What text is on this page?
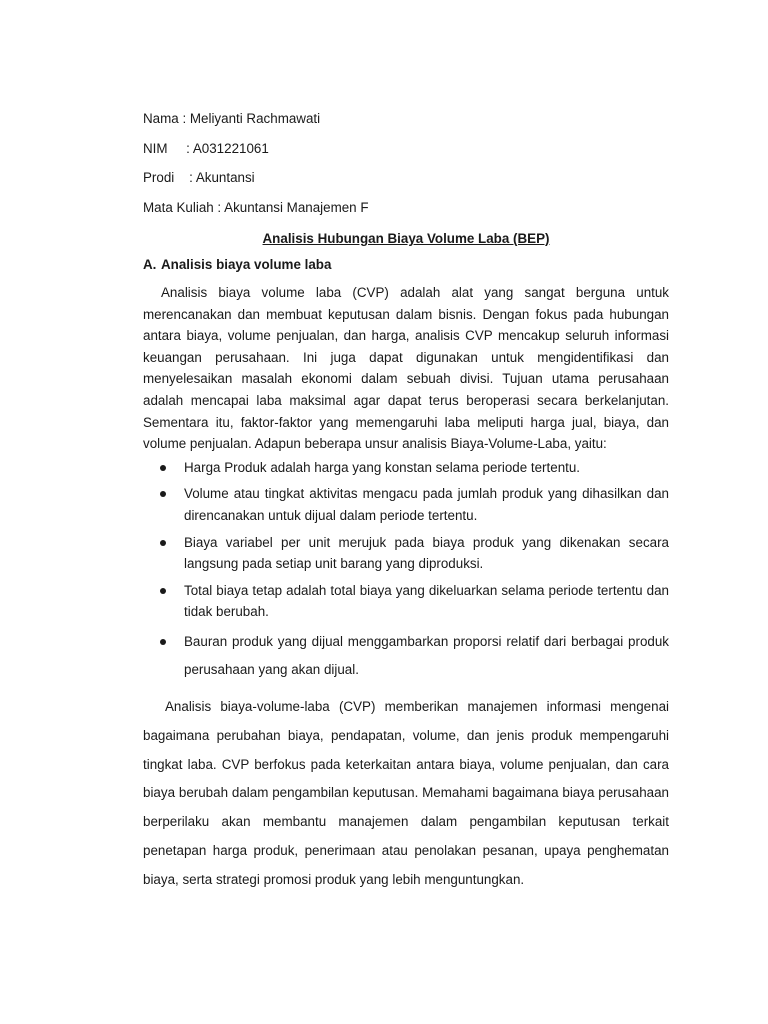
Nama : Meliyanti Rachmawati
NIM     : A031221061
Prodi    : Akuntansi
Mata Kuliah : Akuntansi Manajemen F
Analisis Hubungan Biaya Volume Laba (BEP)
A. Analisis biaya volume laba

Analisis biaya volume laba (CVP) adalah alat yang sangat berguna untuk merencanakan dan membuat keputusan dalam bisnis. Dengan fokus pada hubungan antara biaya, volume penjualan, dan harga, analisis CVP mencakup seluruh informasi keuangan perusahaan. Ini juga dapat digunakan untuk mengidentifikasi dan menyelesaikan masalah ekonomi dalam sebuah divisi. Tujuan utama perusahaan adalah mencapai laba maksimal agar dapat terus beroperasi secara berkelanjutan. Sementara itu, faktor-faktor yang memengaruhi laba meliputi harga jual, biaya, dan volume penjualan. Adapun beberapa unsur analisis Biaya-Volume-Laba, yaitu:

Harga Produk adalah harga yang konstan selama periode tertentu.
Volume atau tingkat aktivitas mengacu pada jumlah produk yang dihasilkan dan direncanakan untuk dijual dalam periode tertentu.
Biaya variabel per unit merujuk pada biaya produk yang dikenakan secara langsung pada setiap unit barang yang diproduksi.
Total biaya tetap adalah total biaya yang dikeluarkan selama periode tertentu dan tidak berubah.
Bauran produk yang dijual menggambarkan proporsi relatif dari berbagai produk perusahaan yang akan dijual.

Analisis biaya-volume-laba (CVP) memberikan manajemen informasi mengenai bagaimana perubahan biaya, pendapatan, volume, dan jenis produk mempengaruhi tingkat laba. CVP berfokus pada keterkaitan antara biaya, volume penjualan, dan cara biaya berubah dalam pengambilan keputusan. Memahami bagaimana biaya perusahaan berperilaku akan membantu manajemen dalam pengambilan keputusan terkait penetapan harga produk, penerimaan atau penolakan pesanan, upaya penghematan biaya, serta strategi promosi produk yang lebih menguntungkan.
